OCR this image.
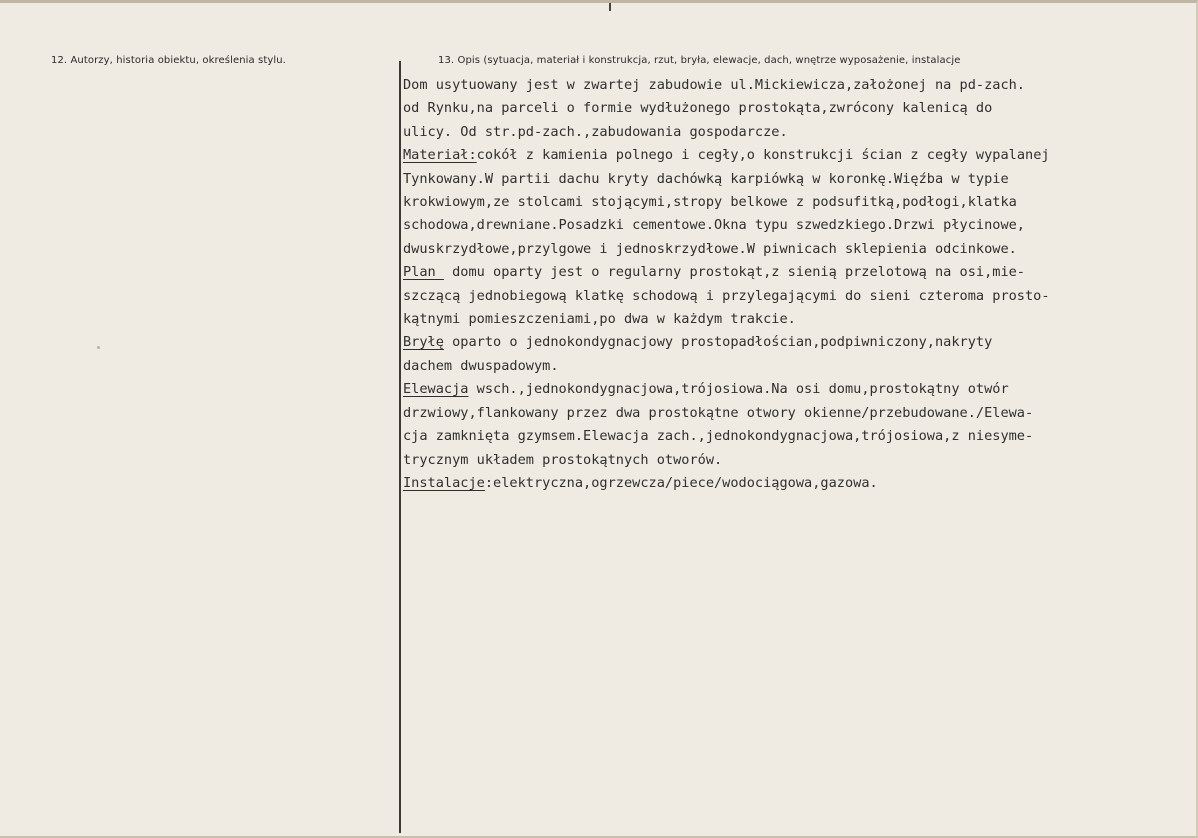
12. Autorzy, historia obiektu, określenia stylu.	13. Opis (sytuacja, materiał i konstrukcja, rzut, bryła, elewacje, dach, wnętrze wyposażenie, instalacje
Dom usytuowany jest w zwartej zabudowie ul.Mickiewicza,założonej na pd-zach.
od Rynku,na parceli o formie wydłużonego prostokąta,zwrócony kalenicą do
ulicy. Od str.pd-zach.,zabudowania gospodarcze.
Materiał:cokół z kamienia polnego i cegły,o konstrukcji ścian z cegły wypalanej
Tynkowany.W partii dachu kryty dachówką karpiówką w koronkę.Więźba w typie
krokwiowym,ze stolcami stojącymi,stropy belkowe z podsufitką,podłogi,klatka
schodowa,drewniane.Posadzki cementowe.Okna typu szwedzkiego.Drzwi płycinowe,
dwuskrzydłowe,przylgowe i jednoskrzydłowe.W piwnicach sklepienia odcinkowe.
Plan  domu oparty jest o regularny prostokąt,z sienią przelotową na osi,mie-
szczącą jednobiegową klatkę schodową i przylegającymi do sieni czteroma prosto-
kątnymi pomieszczeniami,po dwa w każdym trakcie.
Bryłę oparto o jednokondygnacjowy prostopadłościan,podpiwniczony,nakryty
dachem dwuspadowym.
Elewacja wsch.,jednokondygnacjowa,trójosiowa.Na osi domu,prostokątny otwór
drzwiowy,flankowany przez dwa prostokątne otwory okienne/przebudowane./Elewa-
cja zamknięta gzymsem.Elewacja zach.,jednokondygnacjowa,trójosiowa,z niesyme-
trycznym układem prostokątnych otworów.
Instalacje:elektryczna,ogrzewcza/piece/wodociągowa,gazowa.
